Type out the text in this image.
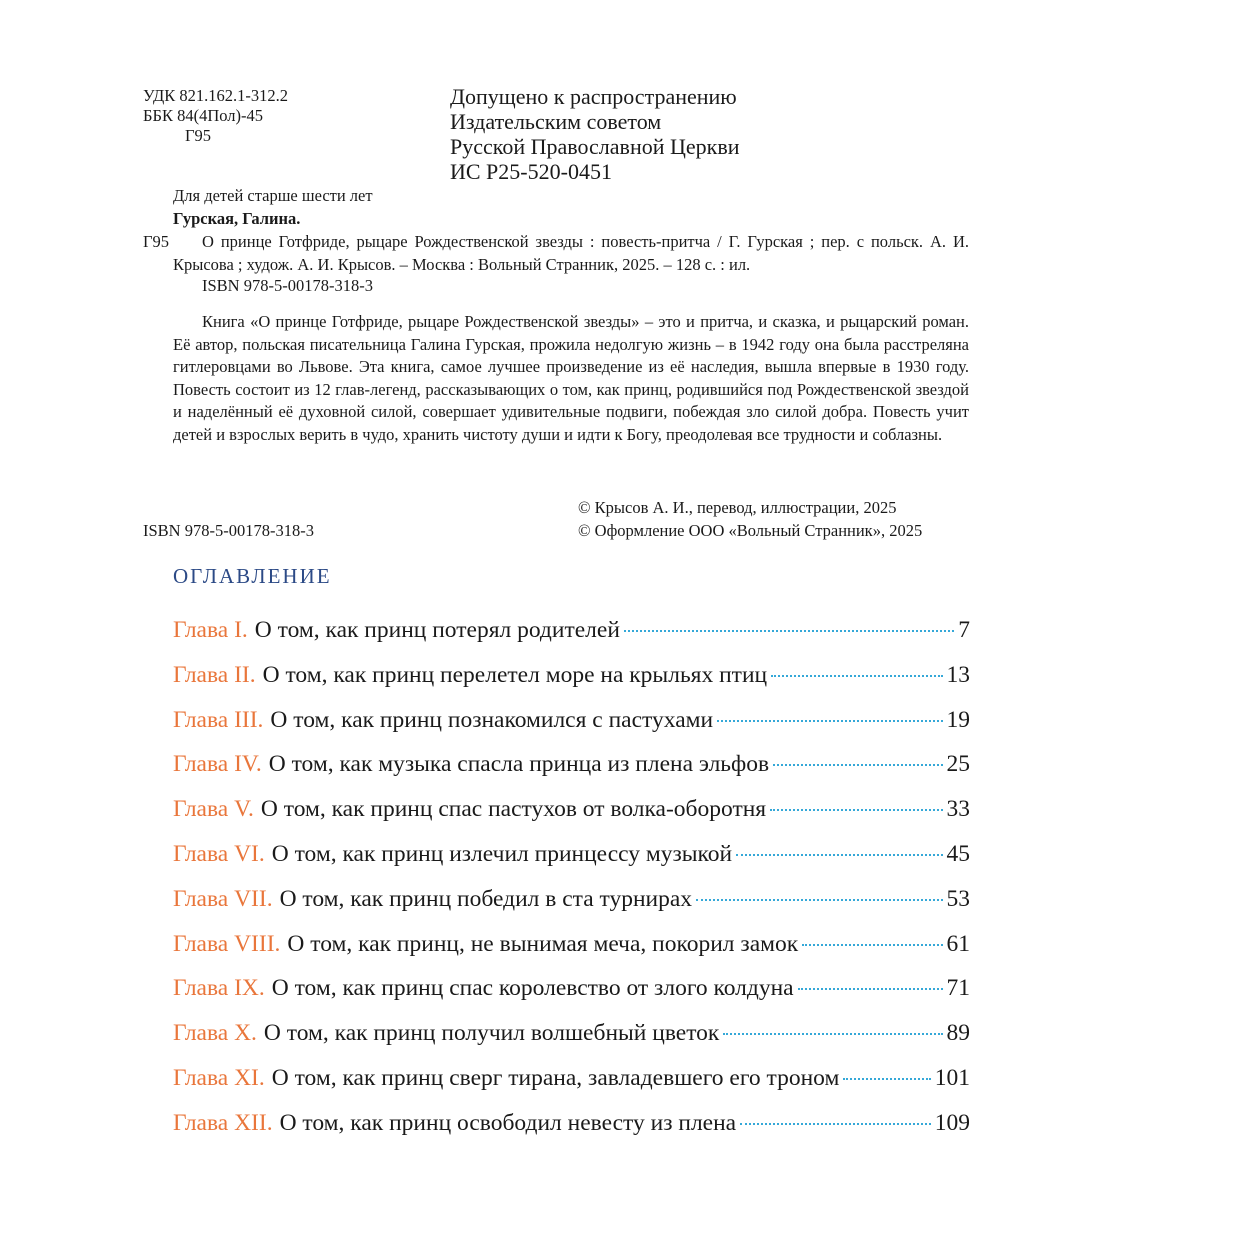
УДК 821.162.1-312.2
ББК 84(4Пол)-45
Г95
Допущено к распространению
Издательским советом
Русской Православной Церкви
ИС Р25-520-0451
Для детей старше шести лет
Гурская, Галина.
Г95	О принце Готфриде, рыцаре Рождественской звезды : повесть-притча / Г. Гурская ; пер. с польск. А. И. Крысова ; худож. А. И. Крысов. – Москва : Вольный Странник, 2025. – 128 с. : ил.
ISBN 978-5-00178-318-3
Книга «О принце Готфриде, рыцаре Рождественской звезды» – это и притча, и сказка, и рыцарский роман. Её автор, польская писательница Галина Гурская, прожила недолгую жизнь – в 1942 году она была расстреляна гитлеровцами во Львове. Эта книга, самое лучшее произведение из её наследия, вышла впервые в 1930 году. Повесть состоит из 12 глав-легенд, рассказывающих о том, как принц, родившийся под Рождественской звездой и наделённый её духовной силой, совершает удивительные подвиги, побеждая зло силой добра. Повесть учит детей и взрослых верить в чудо, хранить чистоту души и идти к Богу, преодолевая все трудности и соблазны.
ISBN 978-5-00178-318-3
© Крысов А. И., перевод, иллюстрации, 2025
© Оформление ООО «Вольный Странник», 2025
ОГЛАВЛЕНИЕ
Глава I. О том, как принц потерял родителей	7
Глава II. О том, как принц перелетел море на крыльях птиц	13
Глава III. О том, как принц познакомился с пастухами	19
Глава IV. О том, как музыка спасла принца из плена эльфов	25
Глава V. О том, как принц спас пастухов от волка-оборотня	33
Глава VI. О том, как принц излечил принцессу музыкой	45
Глава VII. О том, как принц победил в ста турнирах	53
Глава VIII. О том, как принц, не вынимая меча, покорил замок	61
Глава IX. О том, как принц спас королевство от злого колдуна	71
Глава X. О том, как принц получил волшебный цветок	89
Глава XI. О том, как принц сверг тирана, завладевшего его троном	101
Глава XII. О том, как принц освободил невесту из плена	109
